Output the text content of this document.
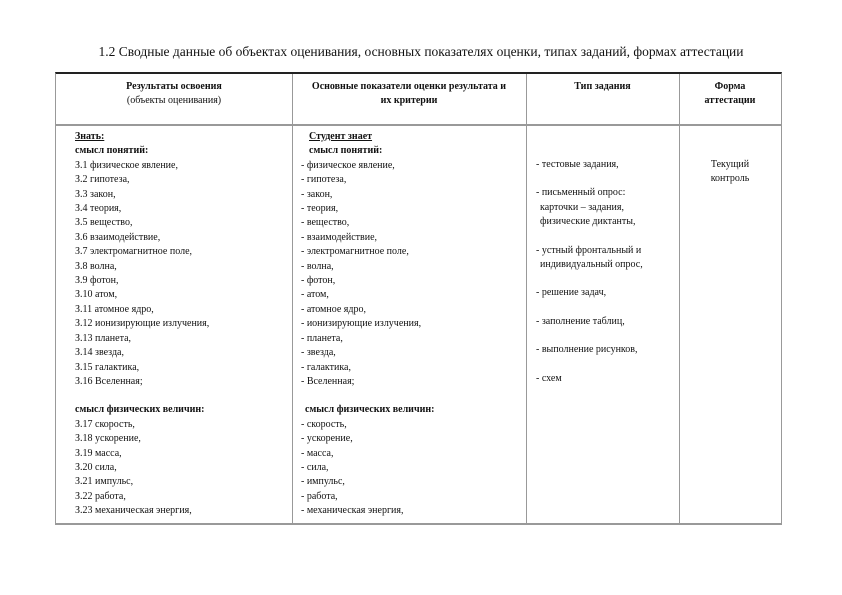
1.2 Сводные данные об объектах оценивания, основных показателях оценки, типах заданий, формах аттестации
Результаты освоения
(объекты оценивания)
Основные показатели оценки результата и
их критерии
Тип задания	Форма
аттестации
Знать:
смысл понятий:
З.1 физическое явление,
З.2 гипотеза,
З.3 закон,
З.4 теория,
З.5 вещество,
З.6 взаимодействие,
З.7 электромагнитное поле,
З.8 волна,
З.9 фотон,
З.10 атом,
З.11 атомное ядро,
З.12 ионизирующие излучения,
З.13 планета,
З.14 звезда,
З.15 галактика,
З.16 Вселенная;
смысл физических величин:
З.17 скорость,
З.18 ускорение,
З.19 масса,
З.20 сила,
З.21 импульс,
З.22 работа,
З.23 механическая энергия,
Студент знает
смысл понятий:
- физическое явление,
- гипотеза,
- закон,
- теория,
- вещество,
- взаимодействие,
- электромагнитное поле,
- волна,
- фотон,
- атом,
- атомное ядро,
- ионизирующие излучения,
- планета,
- звезда,
- галактика,
- Вселенная;
смысл физических величин:
- скорость,
- ускорение,
- масса,
- сила,
- импульс,
- работа,
- механическая энергия,
- тестовые задания,
- письменный опрос:
карточки – задания,
физические диктанты,
- устный фронтальный и
индивидуальный опрос,
- решение задач,
- заполнение таблиц,
- выполнение рисунков,
- схем
Текущий
контроль
